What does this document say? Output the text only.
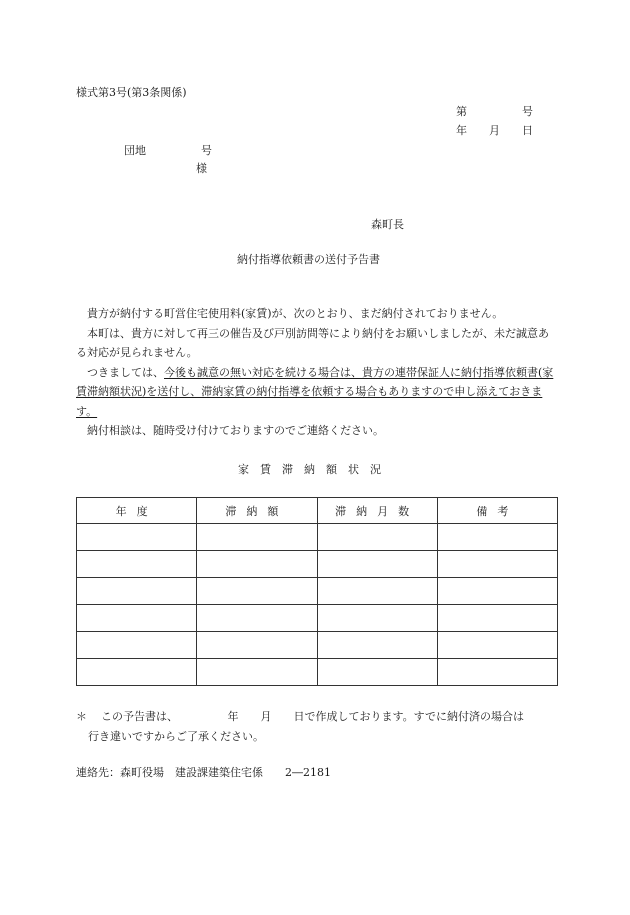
様式第3号(第3条関係)
第　　　　　号
年　　月　　日
団地　　　　　号
様
森町長
納付指導依頼書の送付予告書

貴方が納付する町営住宅使用料(家賃)が、次のとおり、まだ納付されておりません。

本町は、貴方に対して再三の催告及び戸別訪問等により納付をお願いしましたが、未だ誠意ある対応が見られません。

つきましては、今後も誠意の無い対応を続ける場合は、貴方の連帯保証人に納付指導依頼書(家賃滞納額状況)を送付し、滞納家賃の納付指導を依頼する場合もありますので申し添えておきます。

納付相談は、随時受け付けておりますのでご連絡ください。

家　賃　滞　納　額　状　況
年度	滞納額	滞納月数	備考

＊ この予告書は、　　　　　年　　月　　日で作成しております。すでに納付済の場合は
行き違いですからご了承ください。
連絡先：森町役場　建設課建築住宅係　　2―2181
